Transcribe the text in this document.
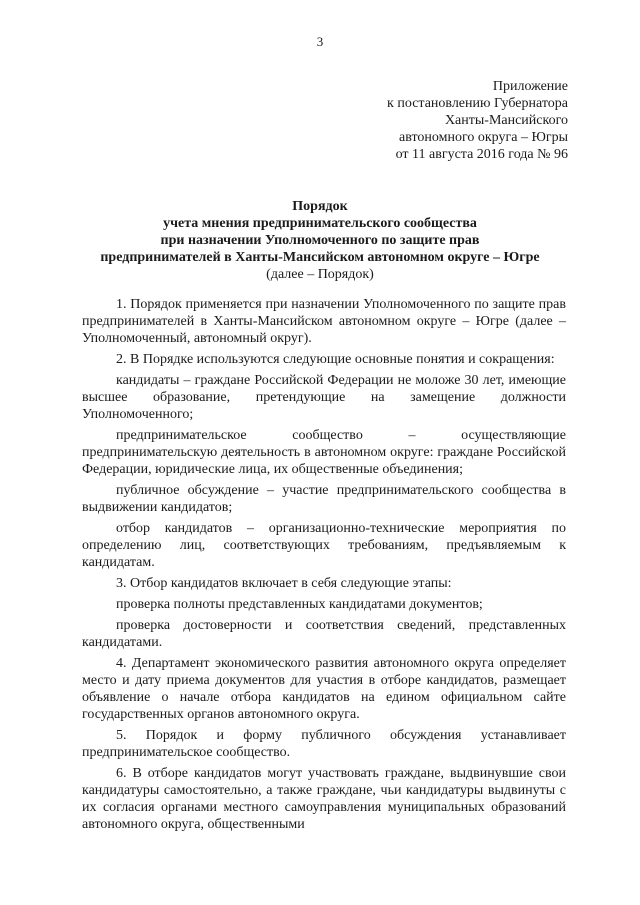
3
Приложение
к постановлению Губернатора
Ханты-Мансийского
автономного округа – Югры
от 11 августа 2016 года № 96
Порядок
учета мнения предпринимательского сообщества
при назначении Уполномоченного по защите прав
предпринимателей в Ханты-Мансийском автономном округе – Югре
(далее – Порядок)

1. Порядок применяется при назначении Уполномоченного по защите прав предпринимателей в Ханты-Мансийском автономном округе – Югре (далее – Уполномоченный, автономный округ).

2. В Порядке используются следующие основные понятия и сокращения:

кандидаты – граждане Российской Федерации не моложе 30 лет, имеющие высшее образование, претендующие на замещение должности Уполномоченного;

предпринимательское сообщество – осуществляющие предпринимательскую деятельность в автономном округе: граждане Российской Федерации, юридические лица, их общественные объединения;

публичное обсуждение – участие предпринимательского сообщества в выдвижении кандидатов;

отбор кандидатов – организационно-технические мероприятия по определению лиц, соответствующих требованиям, предъявляемым к кандидатам.

3. Отбор кандидатов включает в себя следующие этапы:

проверка полноты представленных кандидатами документов;

проверка достоверности и соответствия сведений, представленных кандидатами.

4. Департамент экономического развития автономного округа определяет место и дату приема документов для участия в отборе кандидатов, размещает объявление о начале отбора кандидатов на едином официальном сайте государственных органов автономного округа.

5. Порядок и форму публичного обсуждения устанавливает предпринимательское сообщество.

6. В отборе кандидатов могут участвовать граждане, выдвинувшие свои кандидатуры самостоятельно, а также граждане, чьи кандидатуры выдвинуты с их согласия органами местного самоуправления муниципальных образований автономного округа, общественными
